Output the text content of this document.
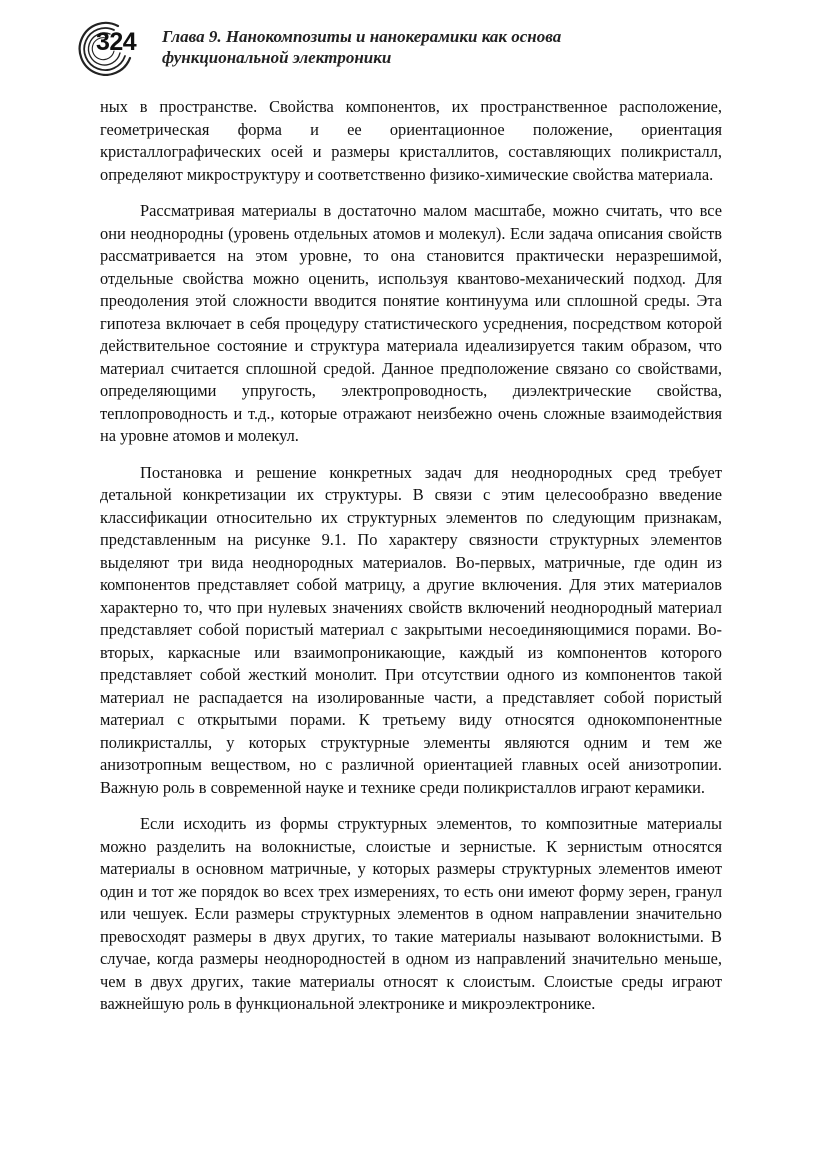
324 Глава 9. Нанокомпозиты и нанокерамики как основа
функциональной электроники

ных в пространстве. Свойства компонентов, их пространственное расположение, геометрическая форма и ее ориентационное положение, ориентация кристаллографических осей и размеры кристаллитов, составляющих поликристалл, определяют микроструктуру и соответственно физико-химические свойства материала.

Рассматривая материалы в достаточно малом масштабе, можно считать, что все они неоднородны (уровень отдельных атомов и молекул). Если задача описания свойств рассматривается на этом уровне, то она становится практически неразрешимой, отдельные свойства можно оценить, используя квантово-механический подход. Для преодоления этой сложности вводится понятие континуума или сплошной среды. Эта гипотеза включает в себя процедуру статистического усреднения, посредством которой действительное состояние и структура материала идеализируется таким образом, что материал считается сплошной средой. Данное предположение связано со свойствами, определяющими упругость, электропроводность, диэлектрические свойства, теплопроводность и т.д., которые отражают неизбежно очень сложные взаимодействия на уровне атомов и молекул.

Постановка и решение конкретных задач для неоднородных сред требует детальной конкретизации их структуры. В связи с этим целесообразно введение классификации относительно их структурных элементов по следующим признакам, представленным на рисунке 9.1. По характеру связности структурных элементов выделяют три вида неоднородных материалов. Во-первых, матричные, где один из компонентов представляет собой матрицу, а другие включения. Для этих материалов характерно то, что при нулевых значениях свойств включений неоднородный материал представляет собой пористый материал с закрытыми несоединяющимися порами. Во-вторых, каркасные или взаимопроникающие, каждый из компонентов которого представляет собой жесткий монолит. При отсутствии одного из компонентов такой материал не распадается на изолированные части, а представляет собой пористый материал с открытыми порами. К третьему виду относятся однокомпонентные поликристаллы, у которых структурные элементы являются одним и тем же анизотропным веществом, но с различной ориентацией главных осей анизотропии. Важную роль в современной науке и технике среди поликристаллов играют керамики.

Если исходить из формы структурных элементов, то композитные материалы можно разделить на волокнистые, слоистые и зернистые. К зернистым относятся материалы в основном матричные, у которых размеры структурных элементов имеют один и тот же порядок во всех трех измерениях, то есть они имеют форму зерен, гранул или чешуек. Если размеры структурных элементов в одном направлении значительно превосходят размеры в двух других, то такие материалы называют волокнистыми. В случае, когда размеры неоднородностей в одном из направлений значительно меньше, чем в двух других, такие материалы относят к слоистым. Слоистые среды играют важнейшую роль в функциональной электронике и микроэлектронике.
